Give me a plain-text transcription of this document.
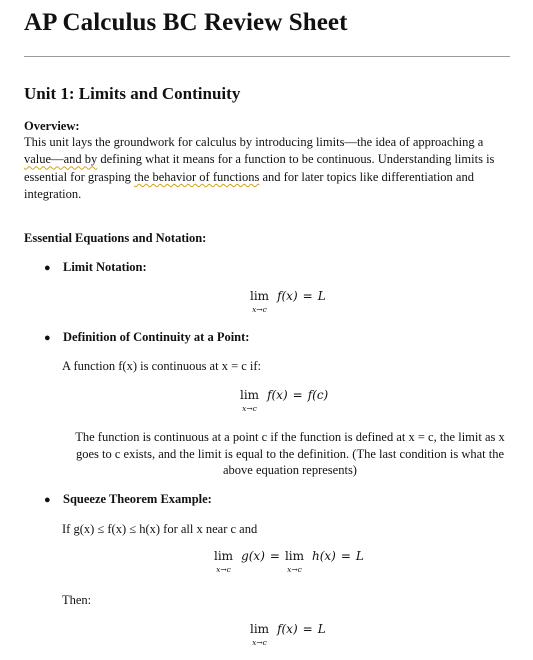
AP Calculus BC Review Sheet
Unit 1: Limits and Continuity
Overview:
This unit lays the groundwork for calculus by introducing limits—the idea of approaching a
value—and by defining what it means for a function to be continuous. Understanding limits is
essential for grasping the behavior of functions and for later topics like differentiation and
integration.
Essential Equations and Notation:
● Limit Notation:
lim
x→c
f(x) = L
● Definition of Continuity at a Point:
A function f(x) is continuous at x = c if:
lim
x→c
f(x) = f(c)
The function is continuous at a point c if the function is defined at x = c, the limit as x
goes to c exists, and the limit is equal to the definition. (The last condition is what the
above equation represents)
● Squeeze Theorem Example:
If g(x) ≤ f(x) ≤ h(x) for all x near c and
lim
x→c
g(x) = lim
x→c
h(x) = L
Then:
lim
x→c
f(x) = L
